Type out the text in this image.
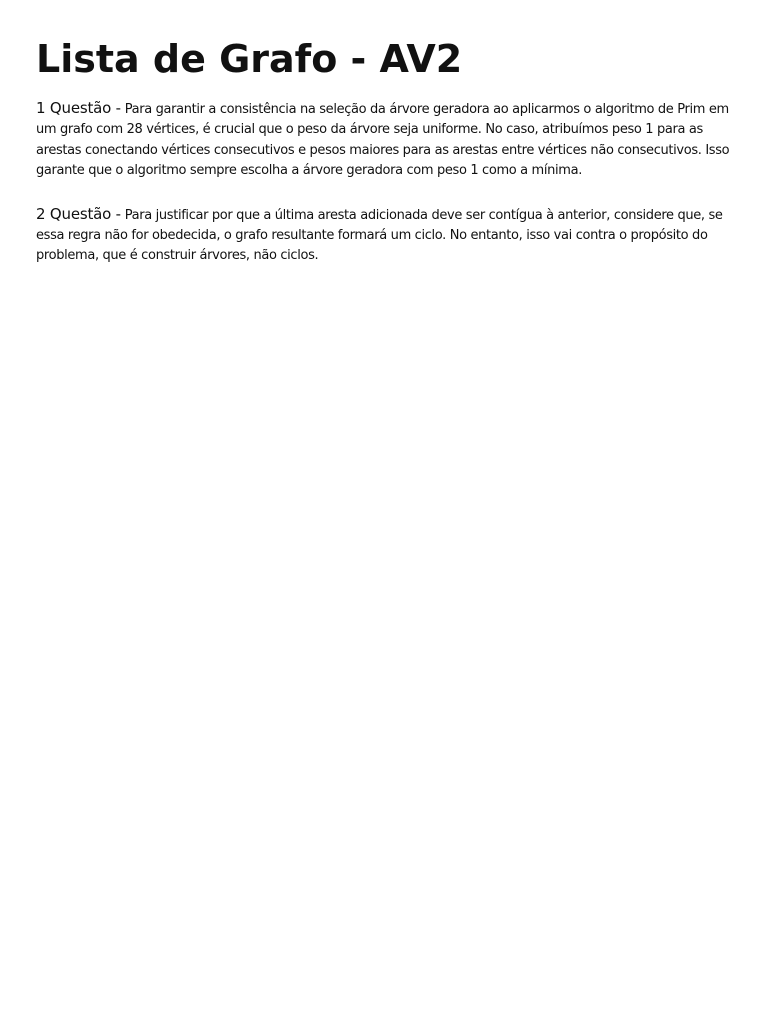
Lista de Grafo - AV2

1 Questão - Para garantir a consistência na seleção da árvore geradora ao aplicarmos o algoritmo de Prim em um grafo com 28 vértices, é crucial que o peso da árvore seja uniforme. No caso, atribuímos peso 1 para as arestas conectando vértices consecutivos e pesos maiores para as arestas entre vértices não consecutivos. Isso garante que o algoritmo sempre escolha a árvore geradora com peso 1 como a mínima.

2 Questão - Para justificar por que a última aresta adicionada deve ser contígua à anterior, considere que, se essa regra não for obedecida, o grafo resultante formará um ciclo. No entanto, isso vai contra o propósito do problema, que é construir árvores, não ciclos.
